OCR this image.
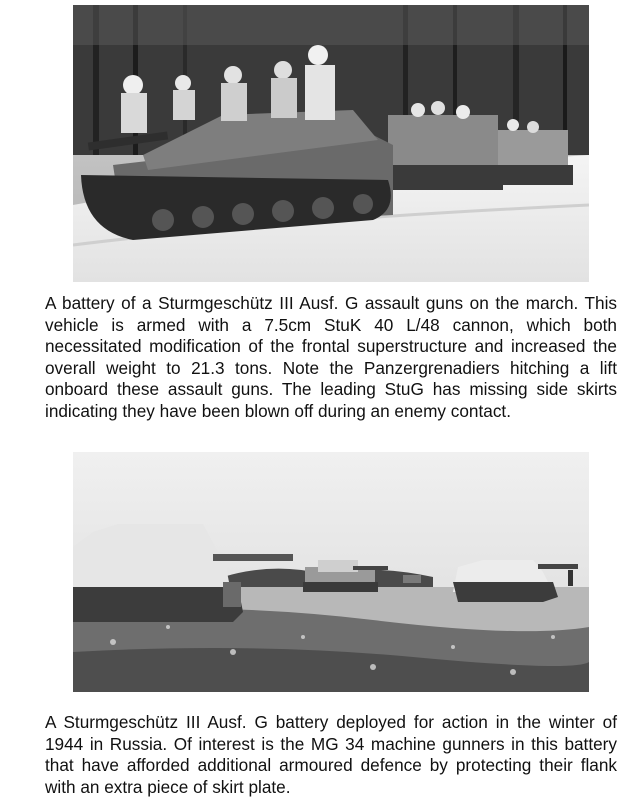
A battery of a Sturmgeschütz III Ausf. G assault guns on the march. This vehicle is armed with a 7.5cm StuK 40 L/48 cannon, which both necessitated modification of the frontal superstructure and increased the overall weight to 21.3 tons. Note the Panzergrenadiers hitching a lift onboard these assault guns. The leading StuG has missing side skirts indicating they have been blown off during an enemy contact.

A Sturmgeschütz III Ausf. G battery deployed for action in the winter of 1944 in Russia. Of interest is the MG 34 machine gunners in this battery that have afforded additional armoured defence by protecting their flank with an extra piece of skirt plate.
